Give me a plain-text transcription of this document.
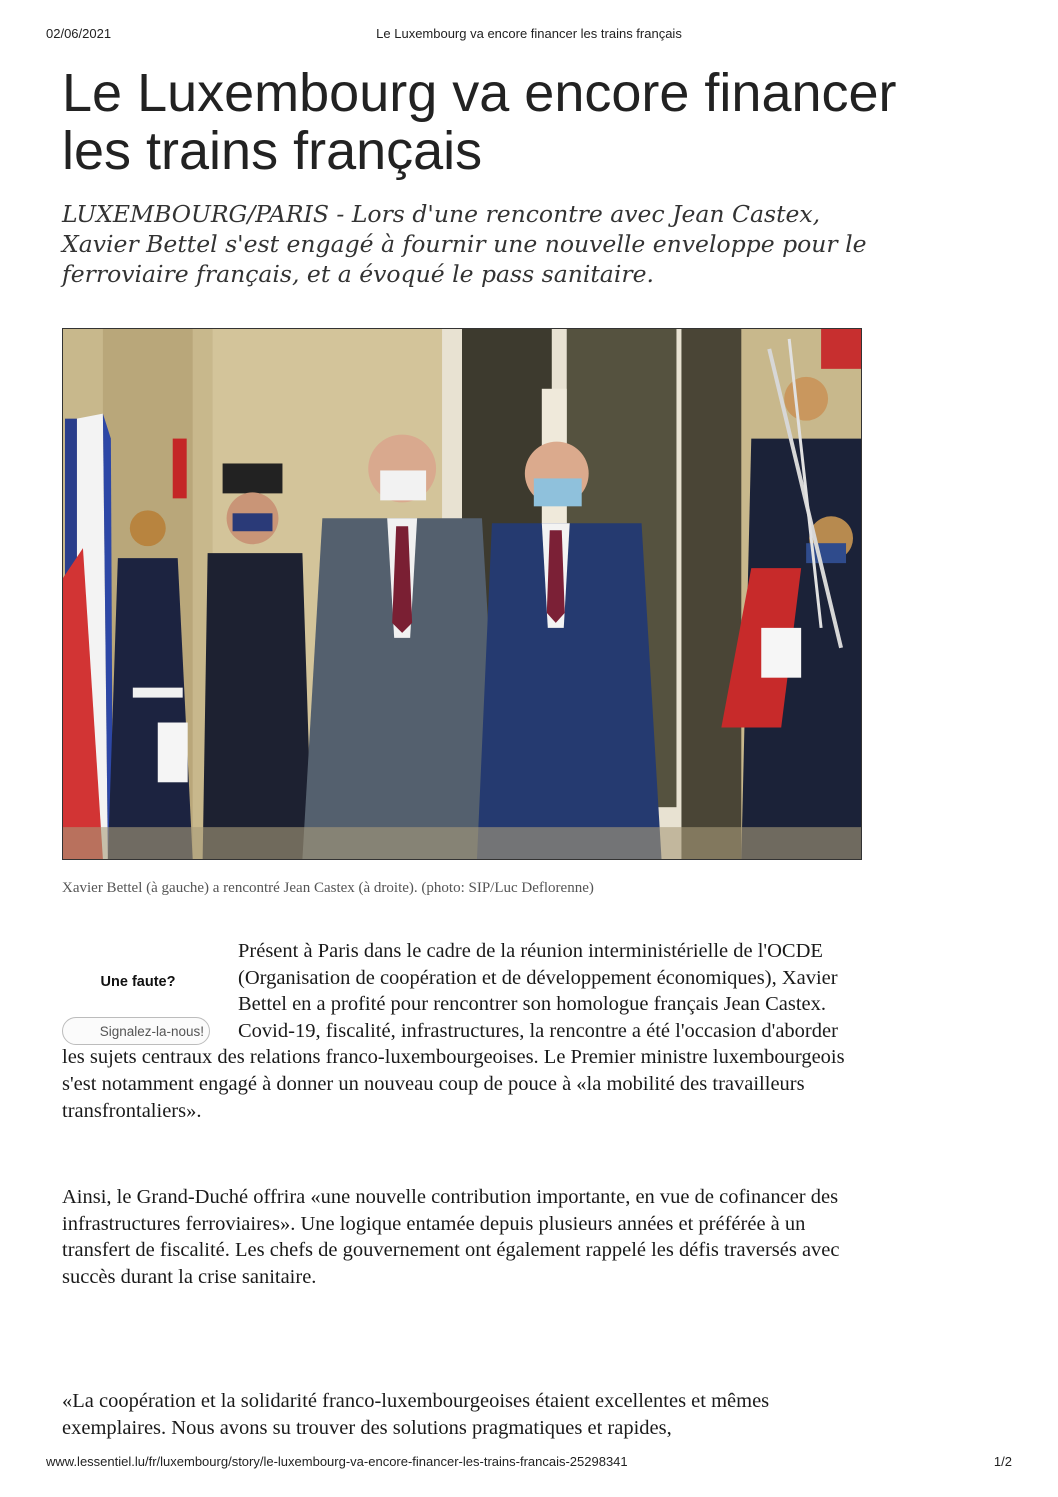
02/06/2021	Le Luxembourg va encore financer les trains français
Le Luxembourg va encore financer les trains français

LUXEMBOURG/PARIS - Lors d'une rencontre avec Jean Castex, Xavier Bettel s'est engagé à fournir une nouvelle enveloppe pour le ferroviaire français, et a évoqué le pass sanitaire.

Xavier Bettel (à gauche) a rencontré Jean Castex (à droite). (photo: SIP/Luc Deflorenne)
Une faute?
Signalez-la-nous!

Présent à Paris dans le cadre de la réunion interministérielle de l'OCDE (Organisation de coopération et de développement économiques), Xavier Bettel en a profité pour rencontrer son homologue français Jean Castex. Covid-19, fiscalité, infrastructures, la rencontre a été l'occasion d'aborder les sujets centraux des relations franco-luxembourgeoises. Le Premier ministre luxembourgeois s'est notamment engagé à donner un nouveau coup de pouce à «la mobilité des travailleurs transfrontaliers».

Ainsi, le Grand-Duché offrira «une nouvelle contribution importante, en vue de cofinancer des infrastructures ferroviaires». Une logique entamée depuis plusieurs années et préférée à un transfert de fiscalité. Les chefs de gouvernement ont également rappelé les défis traversés avec succès durant la crise sanitaire.

«La coopération et la solidarité franco-luxembourgeoises étaient excellentes et mêmes exemplaires. Nous avons su trouver des solutions pragmatiques et rapides,

www.lessentiel.lu/fr/luxembourg/story/le-luxembourg-va-encore-financer-les-trains-francais-25298341	1/2
